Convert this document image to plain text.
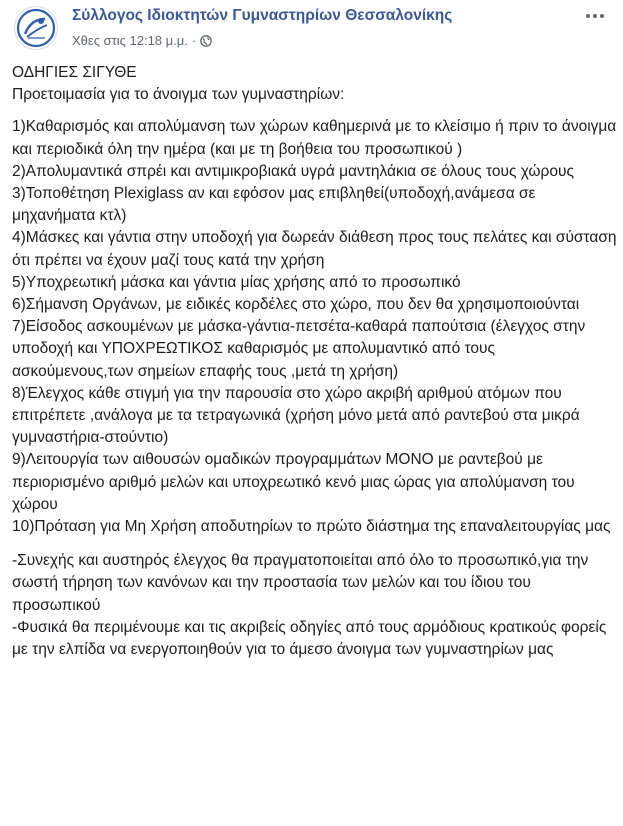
Σύλλογος Ιδιοκτητών Γυμναστηρίων Θεσσαλονίκης
Χθες στις 12:18 μ.μ. ·

ΟΔΗΓΙΕΣ ΣΙΓΥΘΕ

Προετοιμασία για το άνοιγμα των γυμναστηρίων:

1)Καθαρισμός και απολύμανση των χώρων καθημερινά με το κλείσιμο ή πριν το άνοιγμα και περιοδικά όλη την ημέρα (και με τη βοήθεια του προσωπικού )

2)Απολυμαντικά σπρέι και αντιμικροβιακά υγρά μαντηλάκια σε όλους τους χώρους

3)Τοποθέτηση Plexiglass αν και εφόσον μας επιβληθεί(υποδοχή,ανάμεσα σε μηχανήματα κτλ)

4)Μάσκες και γάντια στην υποδοχή για δωρεάν διάθεση προς τους πελάτες και σύσταση ότι πρέπει να έχουν μαζί τους κατά την χρήση

5)Υποχρεωτική μάσκα και γάντια μίας χρήσης από το προσωπικό

6)Σήμανση Οργάνων, με ειδικές κορδέλες στο χώρο, που δεν θα χρησιμοποιούνται

7)Είσοδος ασκουμένων με μάσκα-γάντια-πετσέτα-καθαρά παπούτσια (έλεγχος στην υποδοχή και ΥΠΟΧΡΕΩΤΙΚΟΣ καθαρισμός με απολυμαντικό από τους ασκούμενους,των σημείων επαφής τους ,μετά τη χρήση)

8)Έλεγχος κάθε στιγμή για την παρουσία στο χώρο ακριβή αριθμού ατόμων που επιτρέπετε ,ανάλογα με τα τετραγωνικά (χρήση μόνο μετά από ραντεβού στα μικρά γυμναστήρια-στούντιο)

9)Λειτουργία των αιθουσών ομαδικών προγραμμάτων ΜΟΝΟ με ραντεβού με περιορισμένο αριθμό μελών και υποχρεωτικό κενό μιας ώρας για απολύμανση του χώρου

10)Πρόταση για Μη Χρήση αποδυτηρίων το πρώτο διάστημα της επαναλειτουργίας μας

-Συνεχής και αυστηρός έλεγχος θα πραγματοποιείται από όλο το προσωπικό,για την σωστή τήρηση των κανόνων και την προστασία των μελών και του ίδιου του προσωπικού

-Φυσικά θα περιμένουμε και τις ακριβείς οδηγίες από τους αρμόδιους κρατικούς φορείς με την ελπίδα να ενεργοποιηθούν για το άμεσο άνοιγμα των γυμναστηρίων μας
